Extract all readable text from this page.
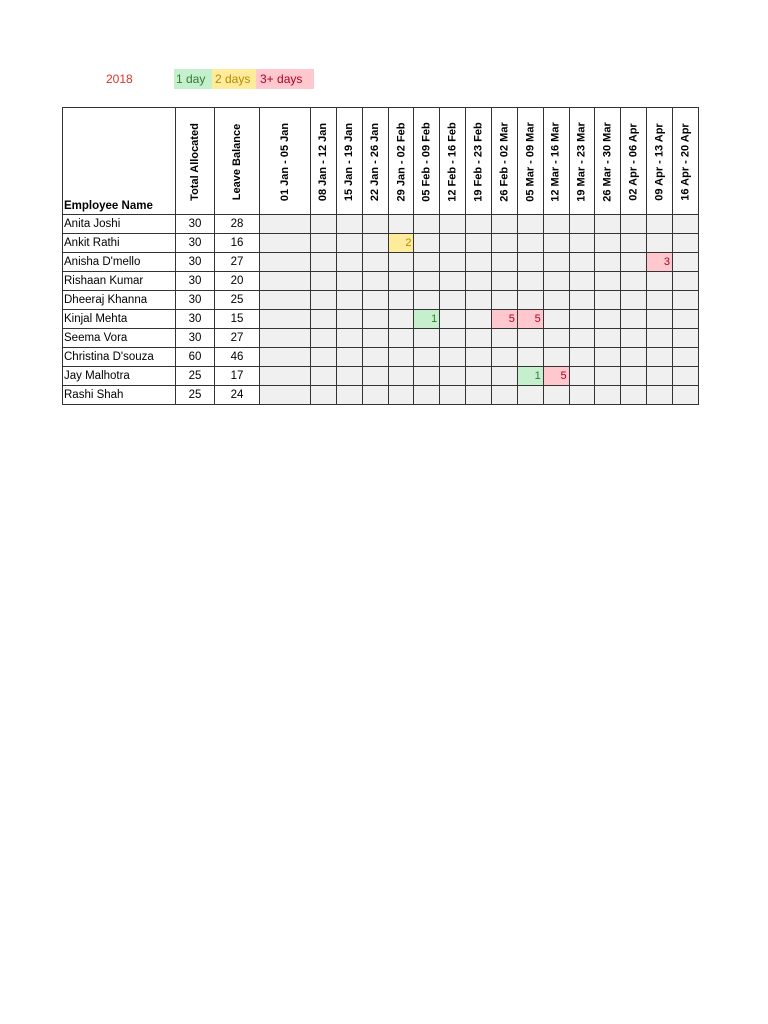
2018	1 day 2 days 3+ days
Employee Name	Total Allocated	Leave Balance	01 Jan - 05 Jan	08 Jan - 12 Jan	15 Jan - 19 Jan	22 Jan - 26 Jan	29 Jan - 02 Feb	05 Feb - 09 Feb	12 Feb - 16 Feb	19 Feb - 23 Feb	26 Feb - 02 Mar	05 Mar - 09 Mar	12 Mar - 16 Mar	19 Mar - 23 Mar	26 Mar - 30 Mar	02 Apr - 06 Apr	09 Apr - 13 Apr	16 Apr - 20 Apr

Anita Joshi	30	28																
Ankit Rathi	30	16					2											
Anisha D'mello	30	27															3	
Rishaan Kumar	30	20																
Dheeraj Khanna	30	25																
Kinjal Mehta	30	15						1			5	5						
Seema Vora	30	27																
Christina D'souza	60	46																
Jay Malhotra	25	17										1	5					
Rashi Shah	25	24																
